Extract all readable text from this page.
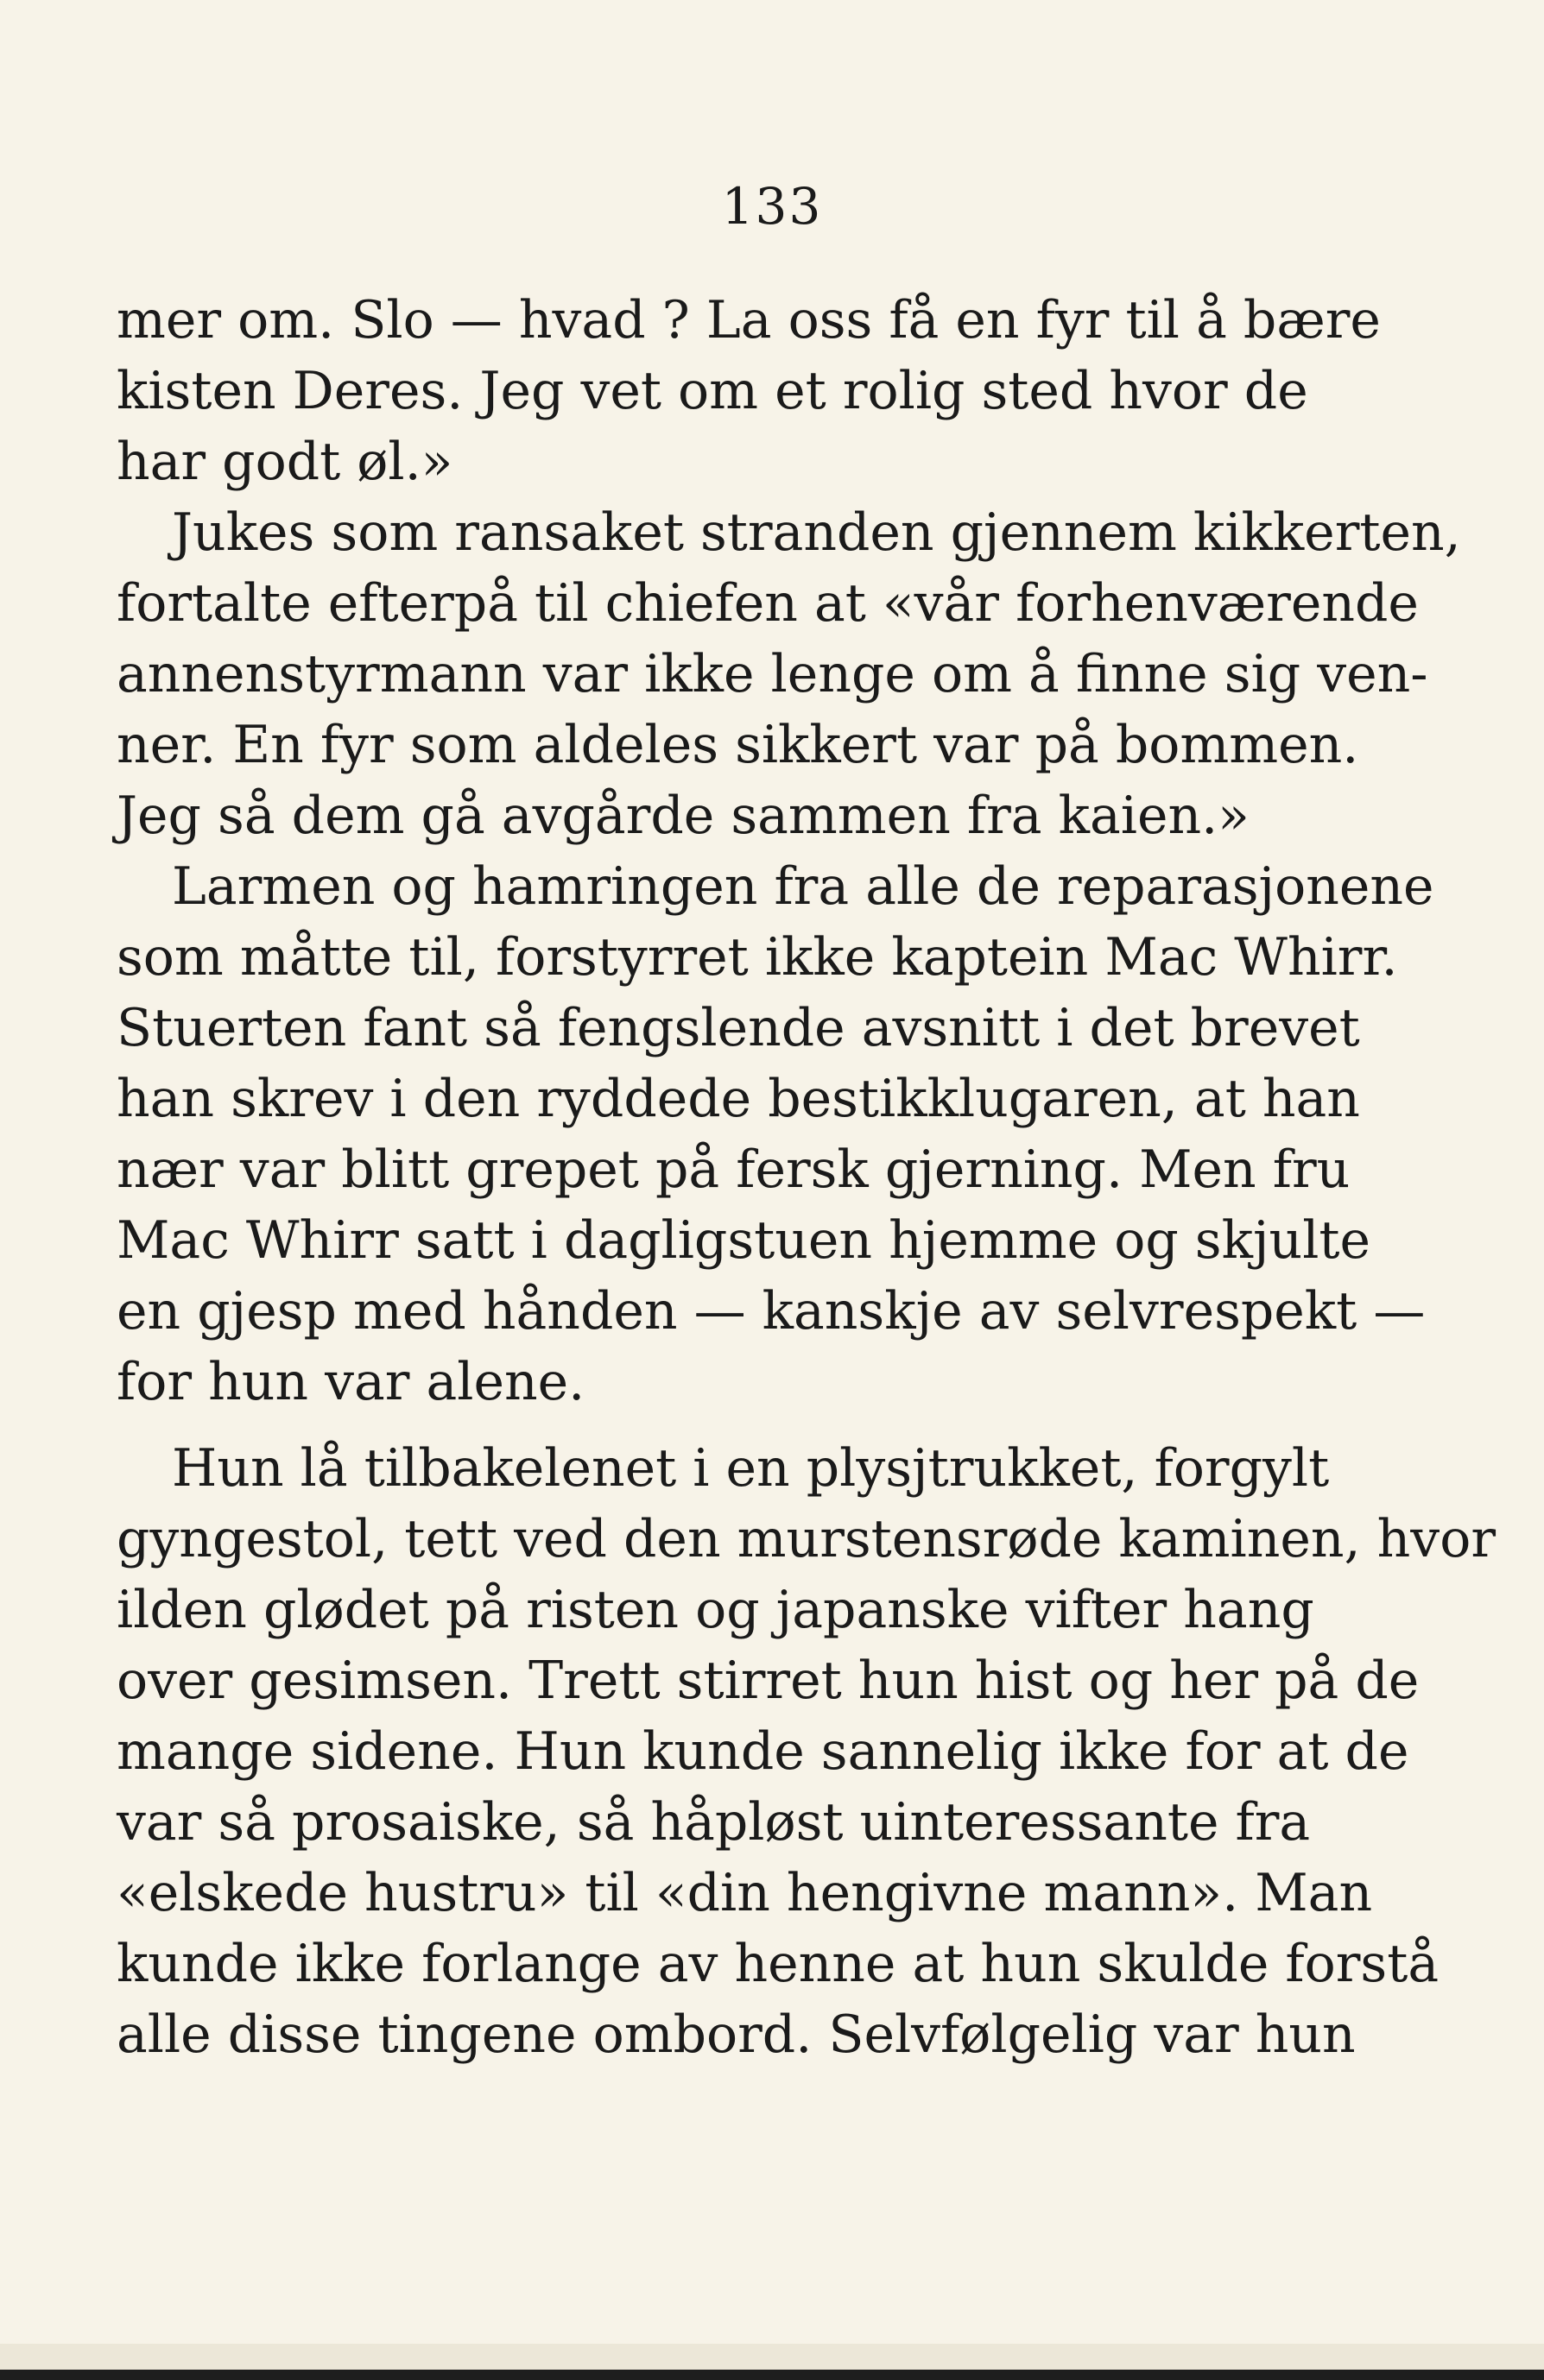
133
mer om. Slo — hvad ? La oss få en fyr til å bære
kisten Deres. Jeg vet om et rolig sted hvor de
har godt øl.»
Jukes som ransaket stranden gjennem kikkerten,
fortalte efterpå til chiefen at «vår forhenværende
annenstyrmann var ikke lenge om å finne sig ven-
ner. En fyr som aldeles sikkert var på bommen.
Jeg så dem gå avgårde sammen fra kaien.»
Larmen og hamringen fra alle de reparasjonene
som måtte til, forstyrret ikke kaptein Mac Whirr.
Stuerten fant så fengslende avsnitt i det brevet
han skrev i den ryddede bestikklugaren, at han
nær var blitt grepet på fersk gjerning. Men fru
Mac Whirr satt i dagligstuen hjemme og skjulte
en gjesp med hånden — kanskje av selvrespekt —
for hun var alene.
Hun lå tilbakelenet i en plysjtrukket, forgylt
gyngestol, tett ved den murstensrøde kaminen, hvor
ilden glødet på risten og japanske vifter hang
over gesimsen. Trett stirret hun hist og her på de
mange sidene. Hun kunde sannelig ikke for at de
var så prosaiske, så håpløst uinteressante fra
«elskede hustru» til «din hengivne mann». Man
kunde ikke forlange av henne at hun skulde forstå
alle disse tingene ombord. Selvfølgelig var hun
